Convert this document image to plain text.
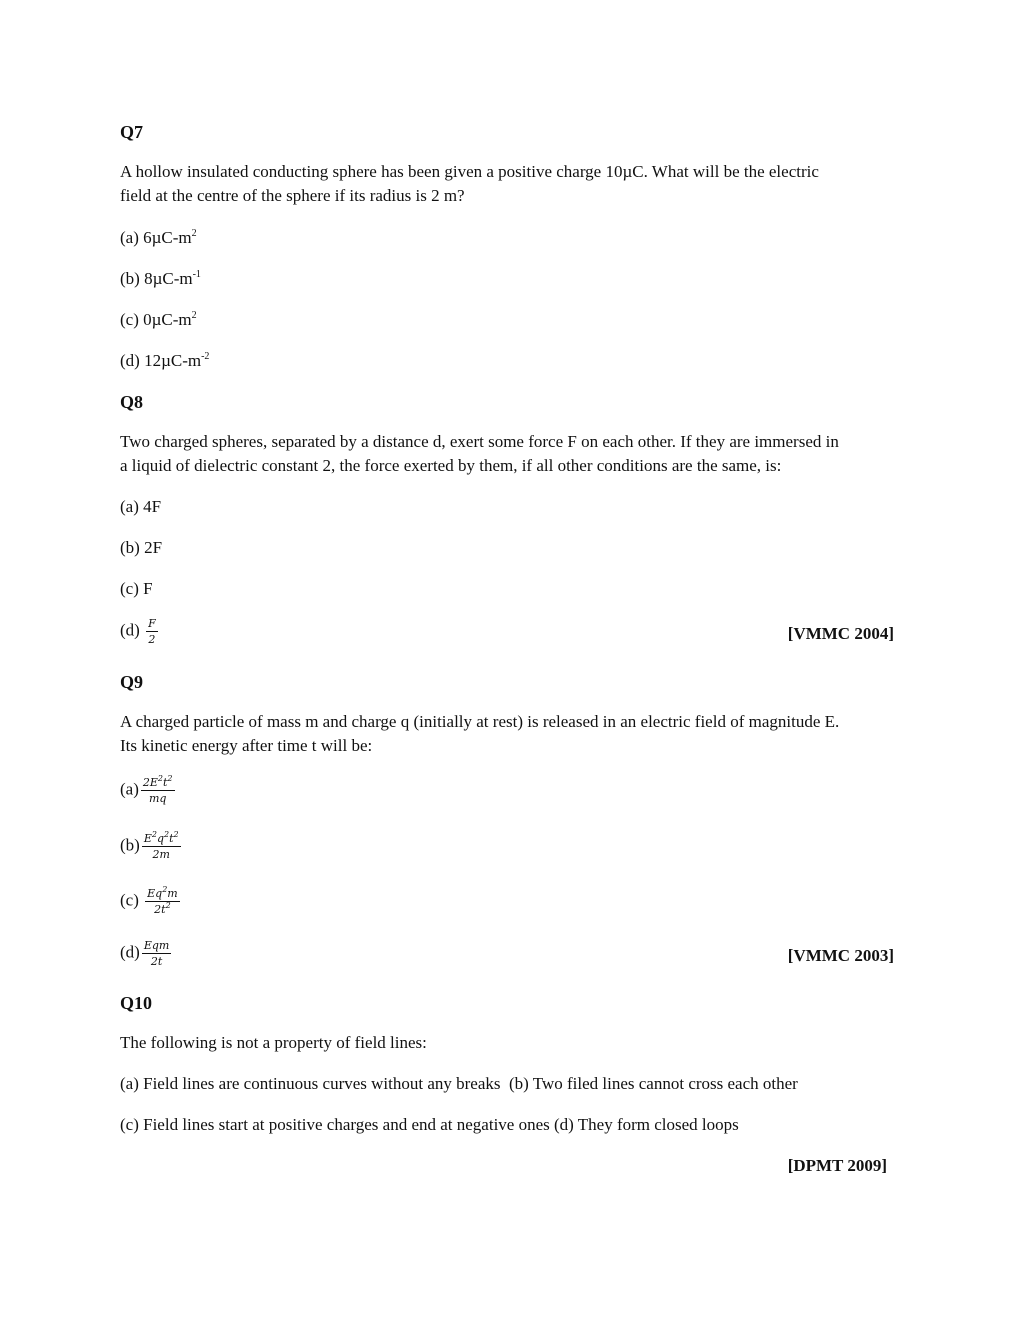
Q7
A hollow insulated conducting sphere has been given a positive charge 10µC. What will be the electric
field at the centre of the sphere if its radius is 2 m?
(a) $6\mu C-m^2$
(b) $8\mu C-m^{-1}$
(c) $0\mu C-m^2$
(d) $12\mu C-m^{-2}$
Q8
Two charged spheres, separated by a distance d, exert some force F on each other. If they are immersed in
a liquid of dielectric constant 2, the force exerted by them, if all other conditions are the same, is:
(a) 4F
(b) 2F
(c) F
$(d) \frac{F}{2}$	[VMMC 2004]
Q9
A charged particle of mass m and charge q (initially at rest) is released in an electric field of magnitude E.
Its kinetic energy after time t will be:
$(a) \frac{2E^2t^2}{mq}$
$(b) \frac{E^2q^2t^2}{2m}$
$(c) \frac{Eq^2m}{2t^2}$
$(d) \frac{\text{Eqm}}{2t}$	[VMMC 2003]
Q10
The following is not a property of field lines:
(a) Field lines are continuous curves without any breaks  (b) Two filed lines cannot cross each other
(c) Field lines start at positive charges and end at negative ones (d) They form closed loops
[DPMT 2009]
